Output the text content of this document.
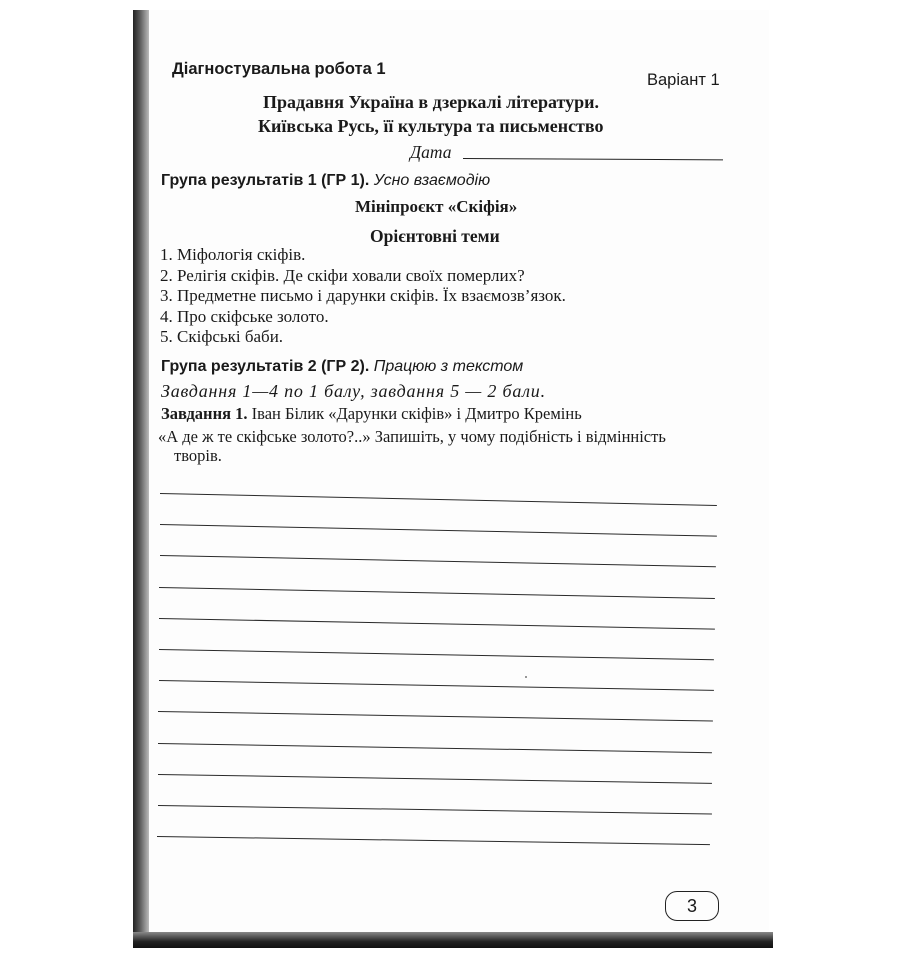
Діагностувальна робота 1
Варіант 1
Прадавня Україна в дзеркалі літератури.
Київська Русь, її культура та письменство
Дата
Група результатів 1 (ГР 1). Усно взаємодію
Мініпроєкт «Скіфія»
Орієнтовні теми
1. Міфологія скіфів.
2. Релігія скіфів. Де скіфи ховали своїх померлих?
3. Предметне письмо і дарунки скіфів. Їх взаємозв’язок.
4. Про скіфське золото.
5. Скіфські баби.
Група результатів 2 (ГР 2). Працюю з текстом
Завдання 1—4 по 1 балу, завдання 5 — 2 бали.
Завдання 1. Іван Білик «Дарунки скіфів» і Дмитро Кремінь
«А де ж те скіфське золото?..» Запишіть, у чому подібність і відмінність
творів.
3
